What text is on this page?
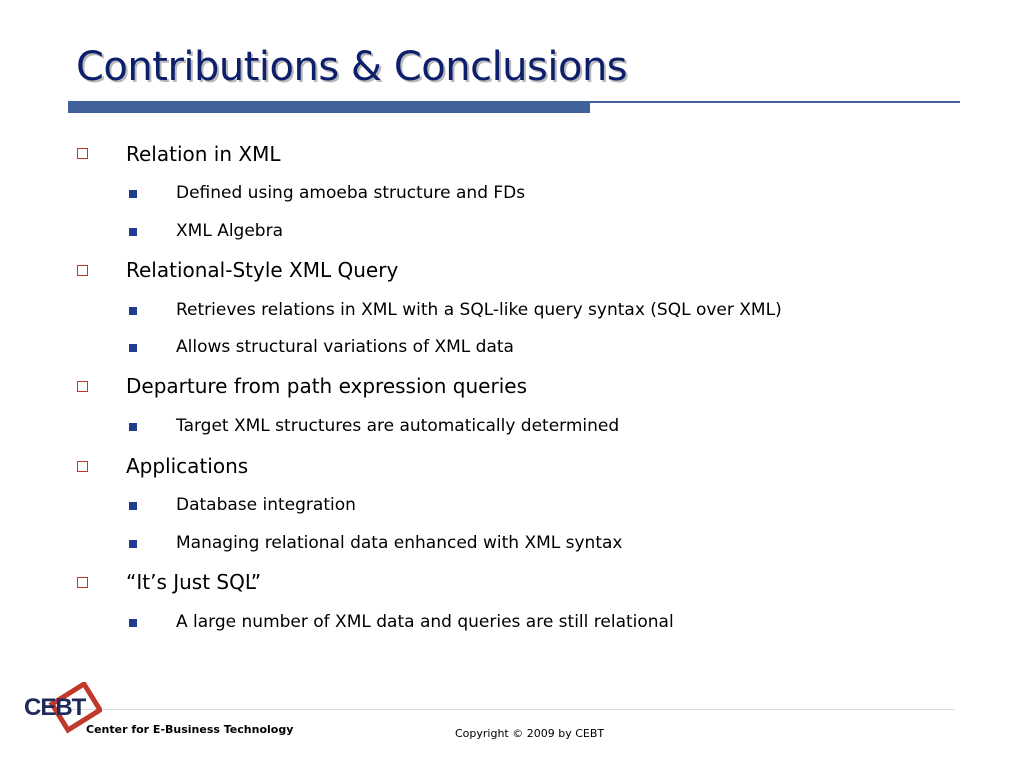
Contributions & Conclusions
Relation in XML
Defined using amoeba structure and FDs
XML Algebra
Relational-Style XML Query
Retrieves relations in XML with a SQL-like query syntax (SQL over XML)
Allows structural variations of XML data
Departure from path expression queries
Target XML structures are automatically determined
Applications
Database integration
Managing relational data enhanced with XML syntax
“It’s Just SQL”
A large number of XML data and queries are still relational
CEBT
Center for E-Business Technology	Copyright © 2009 by CEBT
